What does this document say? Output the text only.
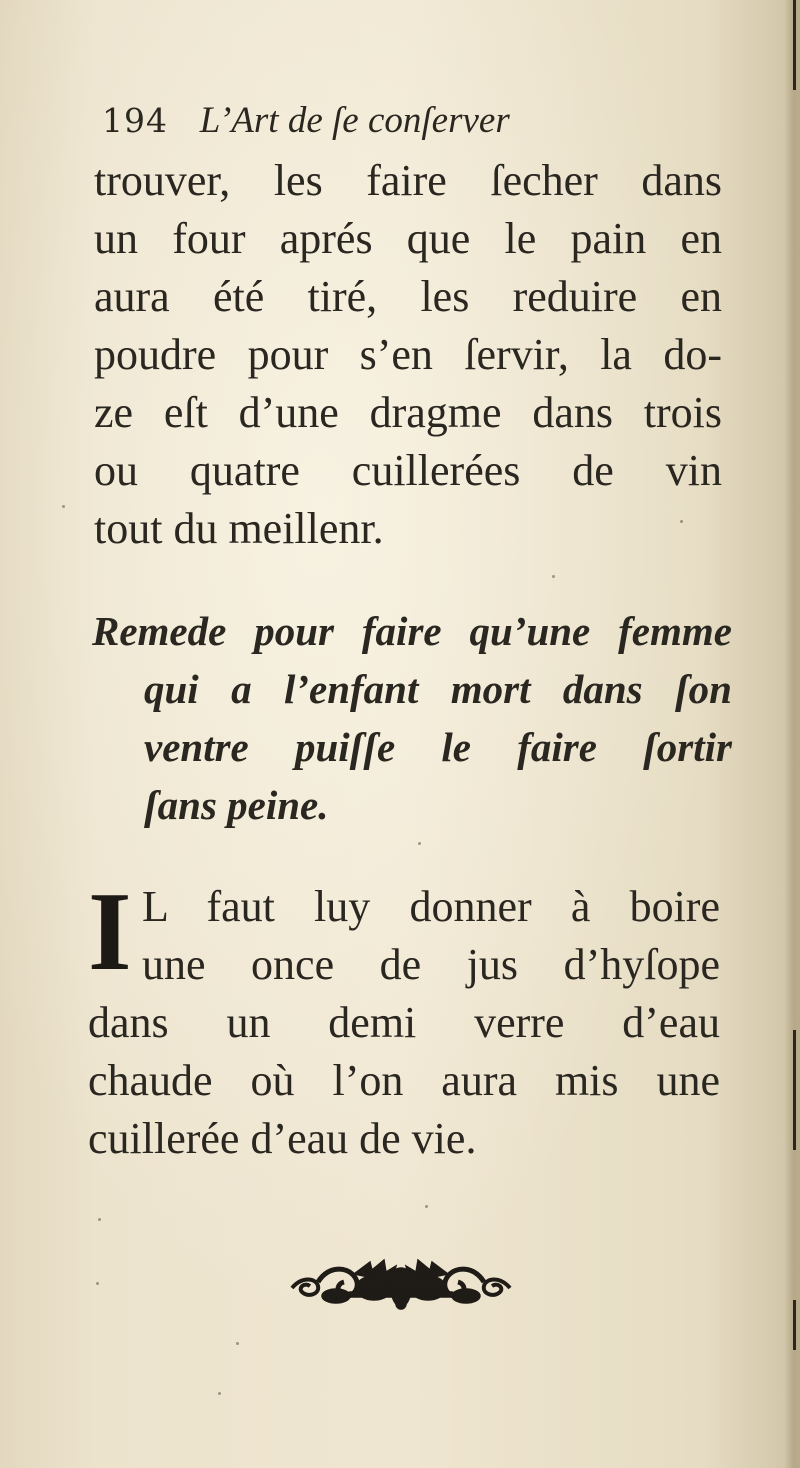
194 L’Art de ſe conſerver
trouver, les faire ſecher dans
un four aprés que le pain en
aura été tiré, les reduire en
poudre pour s’en ſervir, la do-
ze eſt d’une dragme dans trois
ou quatre cuillerées de vin
tout du meillenr.
Remede pour faire qu’une femme
qui a l’enfant mort dans ſon
ventre puiſſe le faire ſortir
ſans peine.
I L faut luy donner à boire
une once de jus d’hyſope
dans un demi verre d’eau
chaude où l’on aura mis une
cuillerée d’eau de vie.
